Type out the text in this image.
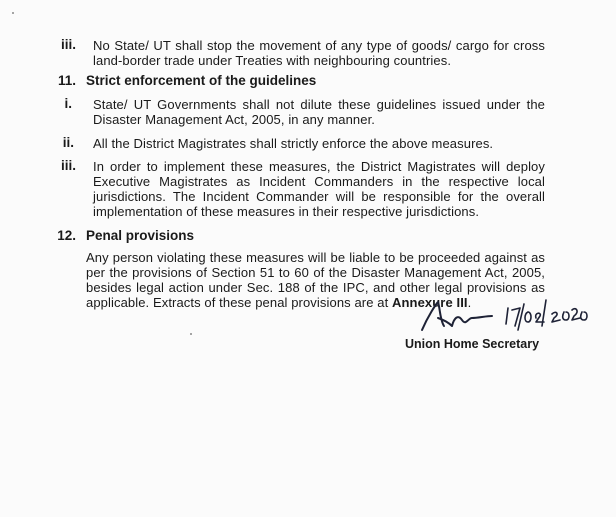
iii. No State/ UT shall stop the movement of any type of goods/ cargo for cross
land-border trade under Treaties with neighbouring countries.
11. Strict enforcement of the guidelines
i. State/ UT Governments shall not dilute these guidelines issued under the
Disaster Management Act, 2005, in any manner.
ii. All the District Magistrates shall strictly enforce the above measures.
iii. In order to implement these measures, the District Magistrates will deploy
Executive Magistrates as Incident Commanders in the respective local
jurisdictions. The Incident Commander will be responsible for the overall
implementation of these measures in their respective jurisdictions.
12. Penal provisions
Any person violating these measures will be liable to be proceeded against as
per the provisions of Section 51 to 60 of the Disaster Management Act, 2005,
besides legal action under Sec. 188 of the IPC, and other legal provisions as
applicable. Extracts of these penal provisions are at Annexure III.
Union Home Secretary
